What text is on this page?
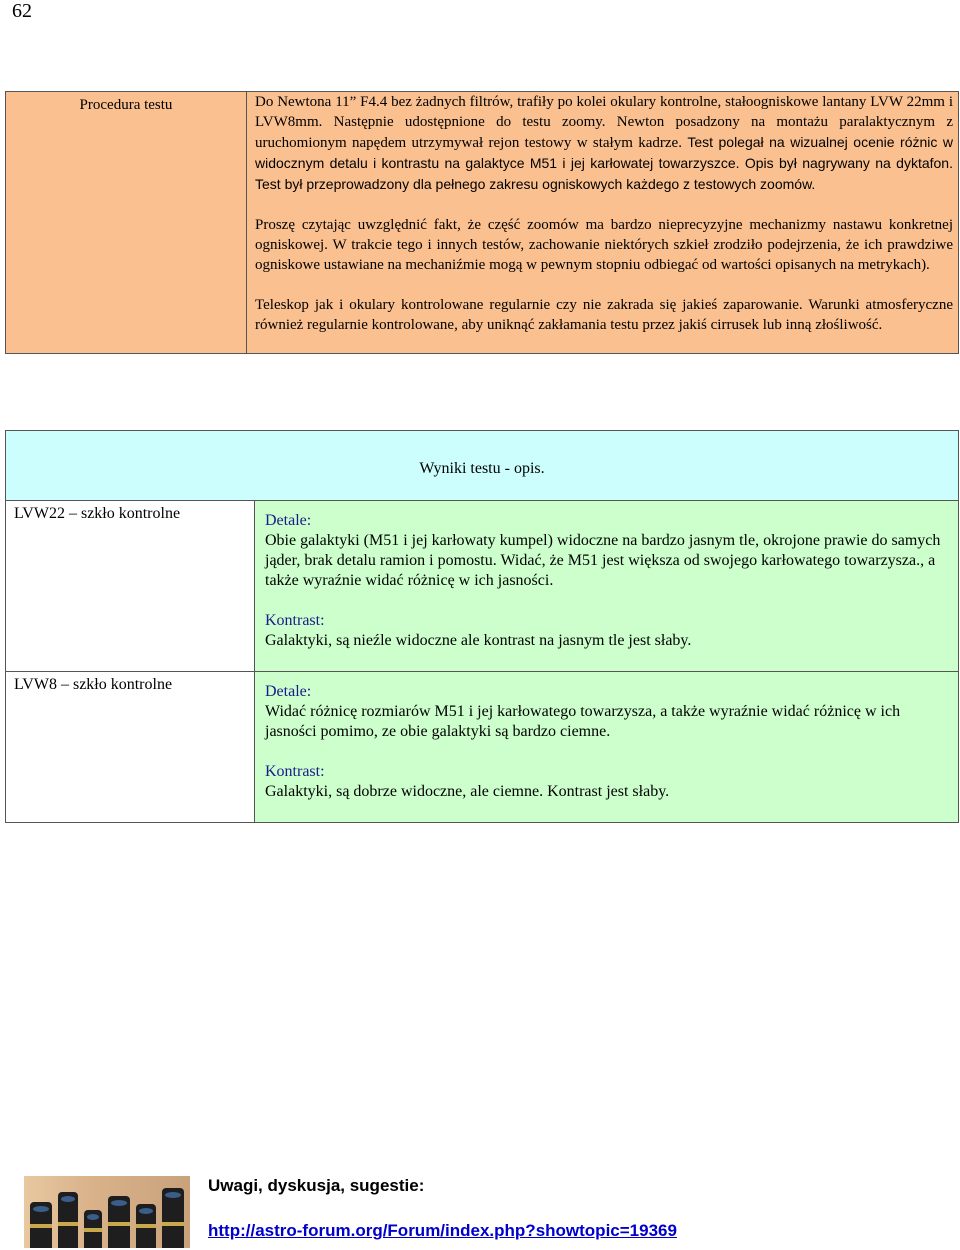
62
Procedura testu	Do Newtona 11” F4.4 bez żadnych filtrów, trafiły po kolei okulary kontrolne, stałoogniskowe lantany LVW 22mm i LVW8mm. Następnie udostępnione do testu zoomy. Newton posadzony na montażu paralaktycznym z uruchomionym napędem utrzymywał rejon testowy w stałym kadrze. Test polegał na wizualnej ocenie różnic w widocznym detalu i kontrastu na galaktyce M51 i jej karłowatej towarzyszce. Opis był nagrywany na dyktafon. Test był przeprowadzony dla pełnego zakresu ogniskowych każdego z testowych zoomów.

Proszę czytając uwzględnić fakt, że część zoomów ma bardzo nieprecyzyjne mechanizmy nastawu konkretnej ogniskowej. W trakcie tego i innych testów, zachowanie niektórych szkieł zrodziło podejrzenia, że ich prawdziwe ogniskowe ustawiane na mechaniźmie mogą w pewnym stopniu odbiegać od wartości opisanych na metrykach).

Teleskop jak i okulary kontrolowane regularnie czy nie zakrada się jakieś zaparowanie. Warunki atmosferyczne również regularnie kontrolowane, aby uniknąć zakłamania testu przez jakiś cirrusek lub inną złośliwość.

Wyniki testu - opis.	
LVW22 – szkło kontrolne	Detale:
Obie galaktyki (M51 i jej karłowaty kumpel) widoczne na bardzo jasnym tle, okrojone prawie do samych jąder, brak detalu ramion i pomostu. Widać, że M51 jest większa od swojego karłowatego towarzysza., a także wyraźnie widać różnicę w ich jasności.

Kontrast:
Galaktyki, są nieźle widoczne ale kontrast na jasnym tle jest słaby.

LVW8 – szkło kontrolne	Detale:
Widać różnicę rozmiarów M51 i jej karłowatego towarzysza, a także wyraźnie widać różnicę w ich jasności pomimo, ze obie galaktyki są bardzo ciemne.

Kontrast:
Galaktyki, są dobrze widoczne, ale ciemne. Kontrast jest słaby.

Uwagi, dyskusja, sugestie:
http://astro-forum.org/Forum/index.php?showtopic=19369
